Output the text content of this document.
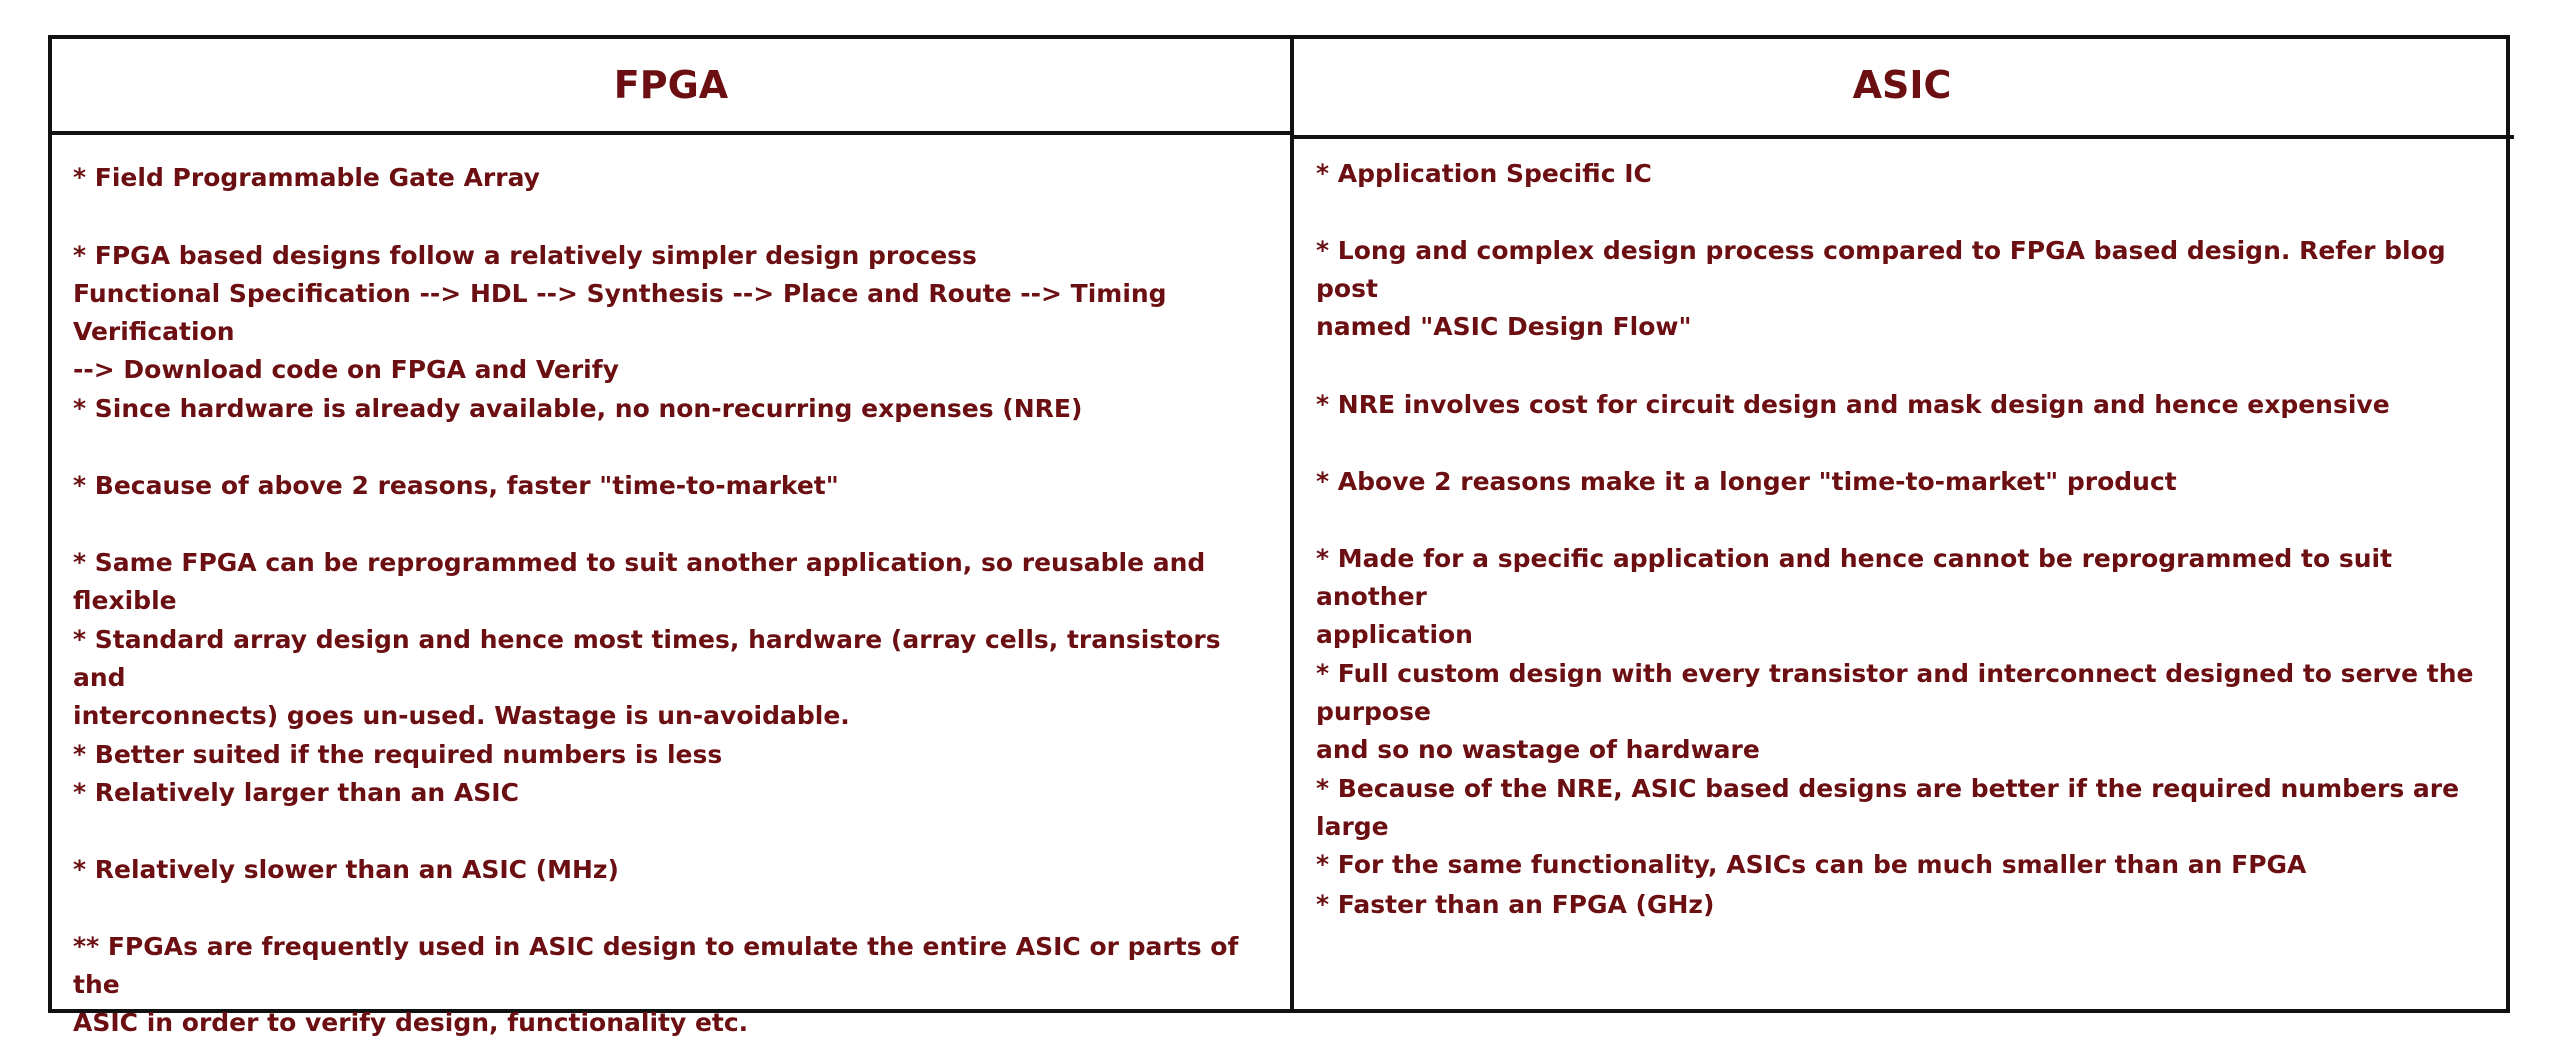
FPGA	ASIC
* Field Programmable Gate Array
* FPGA based designs follow a relatively simpler design process
Functional Specification --> HDL --> Synthesis --> Place and Route --> Timing Verification
--> Download code on FPGA and Verify
* Since hardware is already available, no non-recurring expenses (NRE)
* Because of above 2 reasons, faster "time-to-market"
* Same FPGA can be reprogrammed to suit another application, so reusable and flexible
* Standard array design and hence most times, hardware (array cells, transistors and
interconnects) goes un-used. Wastage is un-avoidable.
* Better suited if the required numbers is less
* Relatively larger than an ASIC
* Relatively slower than an ASIC (MHz)
** FPGAs are frequently used in ASIC design to emulate the entire ASIC or parts of the
ASIC in order to verify design, functionality etc.
* Application Specific IC
* Long and complex design process compared to FPGA based design. Refer blog post
named "ASIC Design Flow"
* NRE involves cost for circuit design and mask design and hence expensive
* Above 2 reasons make it a longer "time-to-market" product
* Made for a specific application and hence cannot be reprogrammed to suit another
application
* Full custom design with every transistor and interconnect designed to serve the purpose
and so no wastage of hardware
* Because of the NRE, ASIC based designs are better if the required numbers are large
* For the same functionality, ASICs can be much smaller than an FPGA
* Faster than an FPGA (GHz)
